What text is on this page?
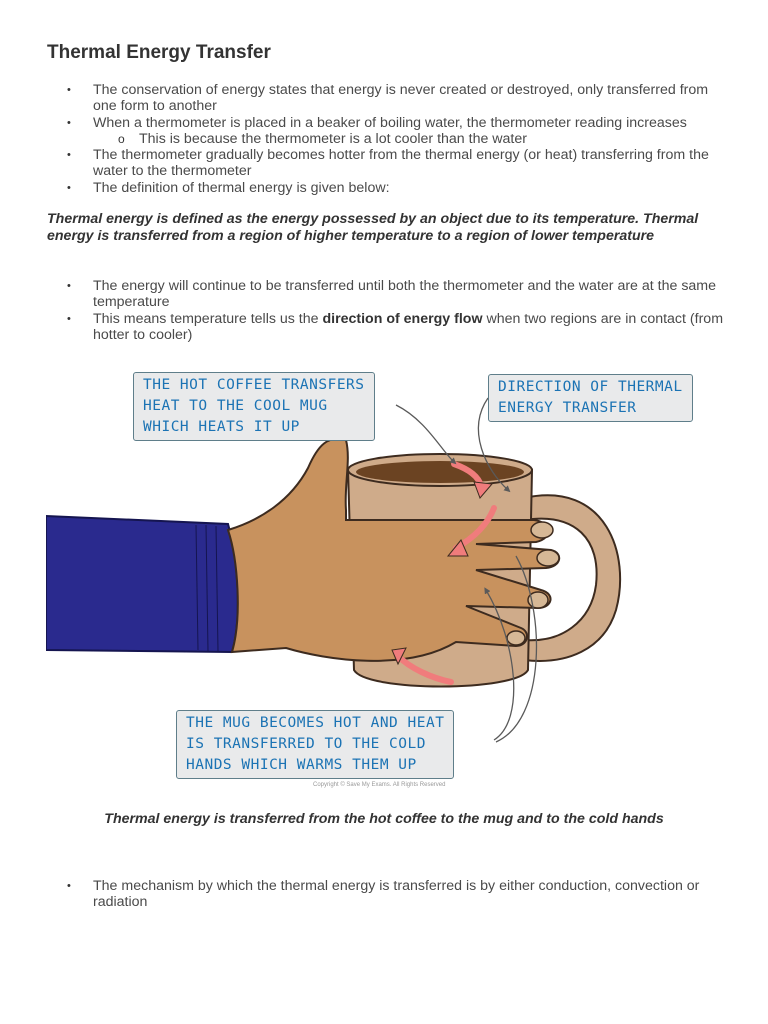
Thermal Energy Transfer
• The conservation of energy states that energy is never created or destroyed, only transferred from one form to another
• When a thermometer is placed in a beaker of boiling water, the thermometer reading increases
o This is because the thermometer is a lot cooler than the water
• The thermometer gradually becomes hotter from the thermal energy (or heat) transferring from the water to the thermometer
• The definition of thermal energy is given below:

Thermal energy is defined as the energy possessed by an object due to its temperature. Thermal energy is transferred from a region of higher temperature to a region of lower temperature

• The energy will continue to be transferred until both the thermometer and the water are at the same temperature
• This means temperature tells us the direction of energy flow when two regions are in contact (from hotter to cooler)
THE HOT COFFEE TRANSFERS
HEAT TO THE COOL MUG
WHICH HEATS IT UP
DIRECTION OF THERMAL
ENERGY TRANSFER
THE MUG BECOMES HOT AND HEAT
IS TRANSFERRED TO THE COLD
HANDS WHICH WARMS THEM UP
Copyright © Save My Exams. All Rights Reserved

Thermal energy is transferred from the hot coffee to the mug and to the cold hands

• The mechanism by which the thermal energy is transferred is by either conduction, convection or radiation
